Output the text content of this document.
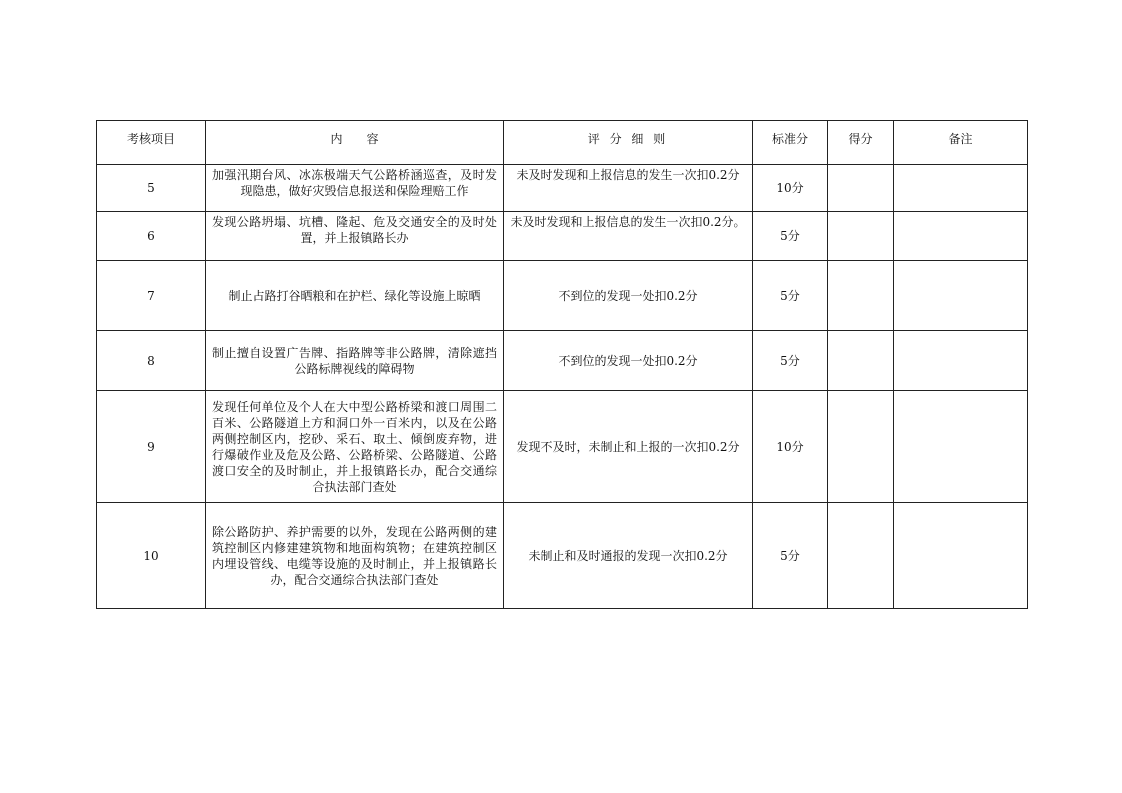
考核项目	内　　容	评 分 细 则	标准分	得分	备注
5	加强汛期台风、冰冻极端天气公路桥涵巡查，及时发现隐患，做好灾毁信息报送和保险理赔工作	未及时发现和上报信息的发生一次扣0.2分	10分		
6	发现公路坍塌、坑槽、隆起、危及交通安全的及时处置，并上报镇路长办	未及时发现和上报信息的发生一次扣0.2分。	5分		
7	制止占路打谷晒粮和在护栏、绿化等设施上晾晒	不到位的发现一处扣0.2分	5分		
8	制止擅自设置广告牌、指路牌等非公路牌，清除遮挡公路标牌视线的障碍物	不到位的发现一处扣0.2分	5分		
9	发现任何单位及个人在大中型公路桥梁和渡口周围二百米、公路隧道上方和洞口外一百米内，以及在公路两侧控制区内，挖砂、采石、取土、倾倒废弃物，进行爆破作业及危及公路、公路桥梁、公路隧道、公路渡口安全的及时制止，并上报镇路长办，配合交通综合执法部门查处	发现不及时，未制止和上报的一次扣0.2分	10分		
10	除公路防护、养护需要的以外，发现在公路两侧的建筑控制区内修建建筑物和地面构筑物；在建筑控制区内埋设管线、电缆等设施的及时制止，并上报镇路长办，配合交通综合执法部门查处	未制止和及时通报的发现一次扣0.2分	5分		
